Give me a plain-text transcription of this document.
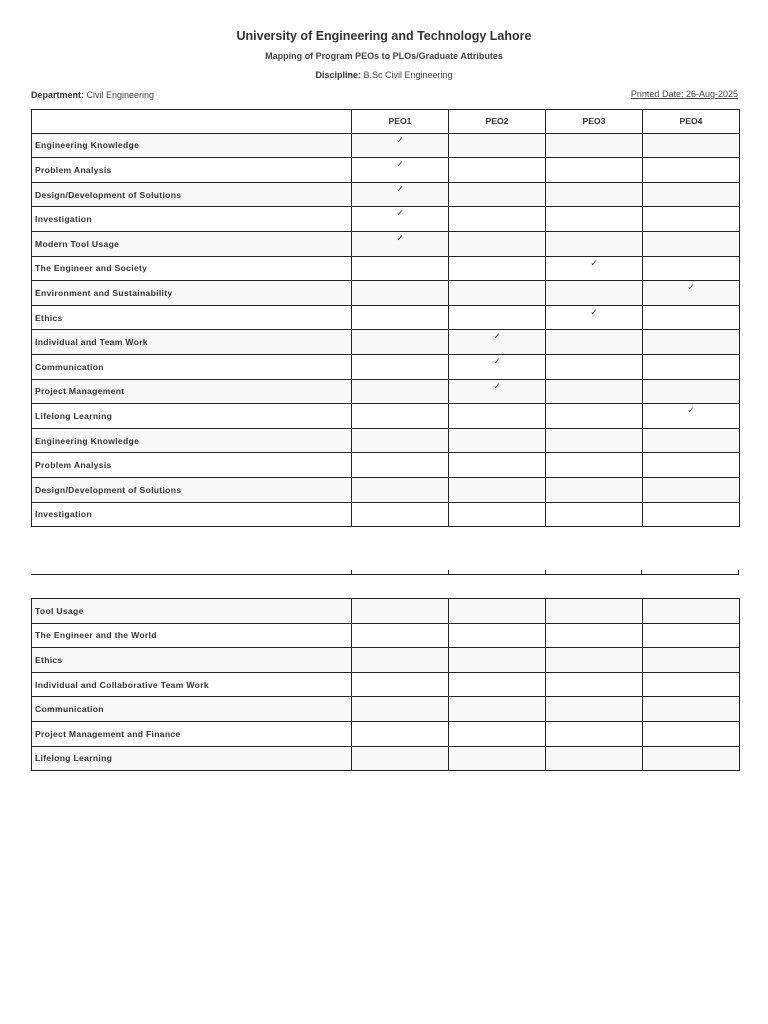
University of Engineering and Technology Lahore
Mapping of Program PEOs to PLOs/Graduate Attributes
Discipline: B.Sc Civil Engineering
Department: Civil Engineering	Printed Date: 26-Aug-2025
	PEO1	PEO2	PEO3	PEO4
Engineering Knowledge	✓			
Problem Analysis	✓			
Design/Development of Solutions	✓			
Investigation	✓			
Modern Tool Usage	✓			
The Engineer and Society			✓	
Environment and Sustainability				✓
Ethics			✓	
Individual and Team Work		✓		
Communication		✓		
Project Management		✓		
Lifelong Learning				✓
Engineering Knowledge				
Problem Analysis				
Design/Development of Solutions				
Investigation				
Tool Usage				
The Engineer and the World				
Ethics				
Individual and Collaborative Team Work				
Communication				
Project Management and Finance				
Lifelong Learning				
